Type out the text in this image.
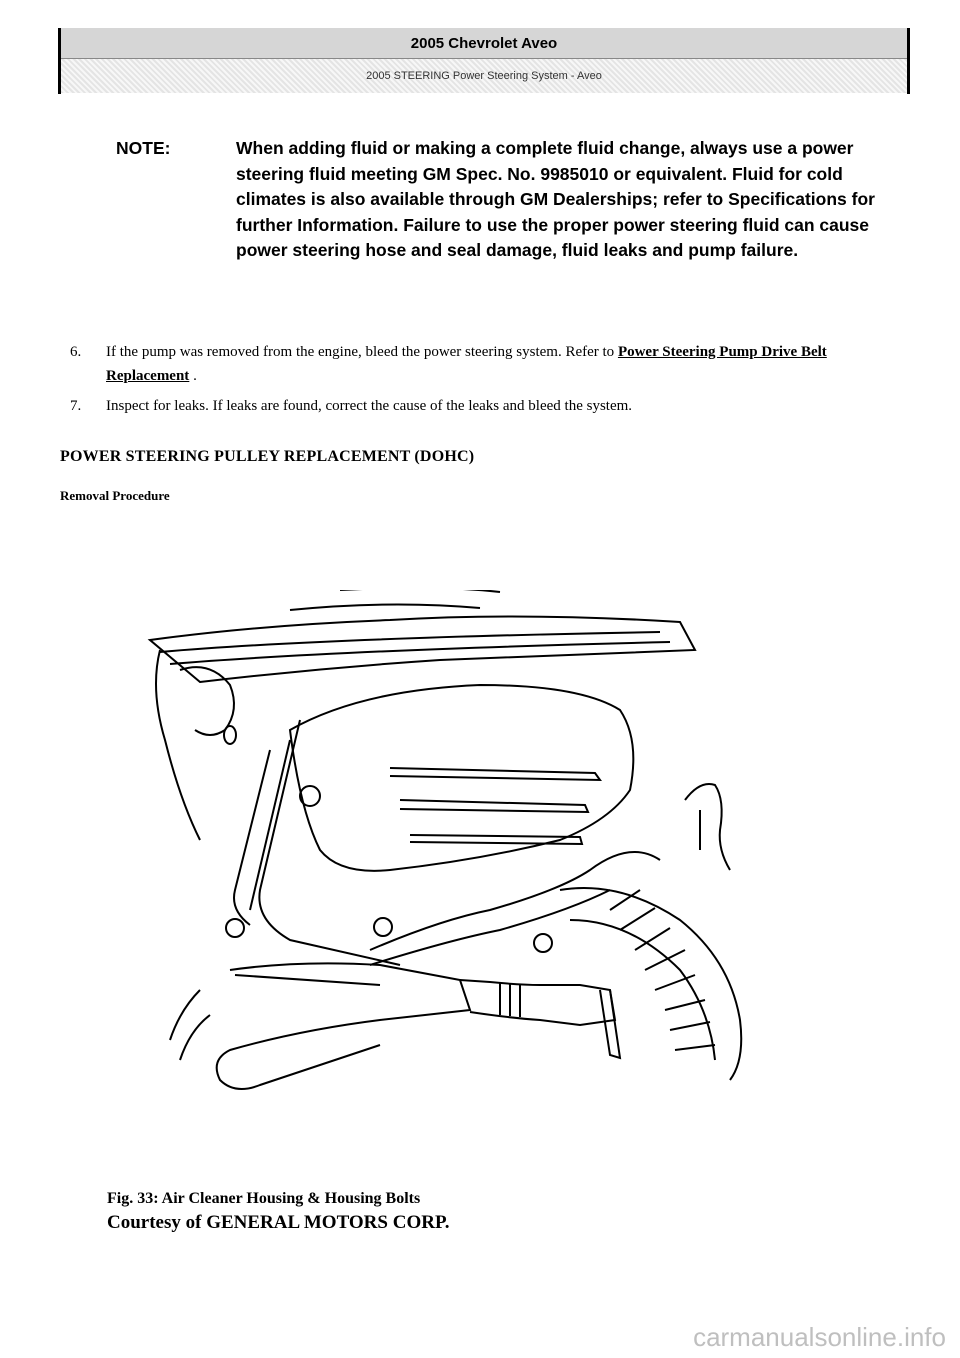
2005 Chevrolet Aveo
2005 STEERING Power Steering System - Aveo
NOTE:	When adding fluid or making a complete fluid change, always use a power steering fluid meeting GM Spec. No. 9985010 or equivalent. Fluid for cold climates is also available through GM Dealerships; refer to Specifications for further Information. Failure to use the proper power steering fluid can cause power steering hose and seal damage, fluid leaks and pump failure.
6.	If the pump was removed from the engine, bleed the power steering system. Refer to Power Steering Pump Drive Belt Replacement .
7.	Inspect for leaks. If leaks are found, correct the cause of the leaks and bleed the system.
POWER STEERING PULLEY REPLACEMENT (DOHC)
Removal Procedure
Fig. 33: Air Cleaner Housing & Housing Bolts
Courtesy of GENERAL MOTORS CORP.
carmanualsonline.info
